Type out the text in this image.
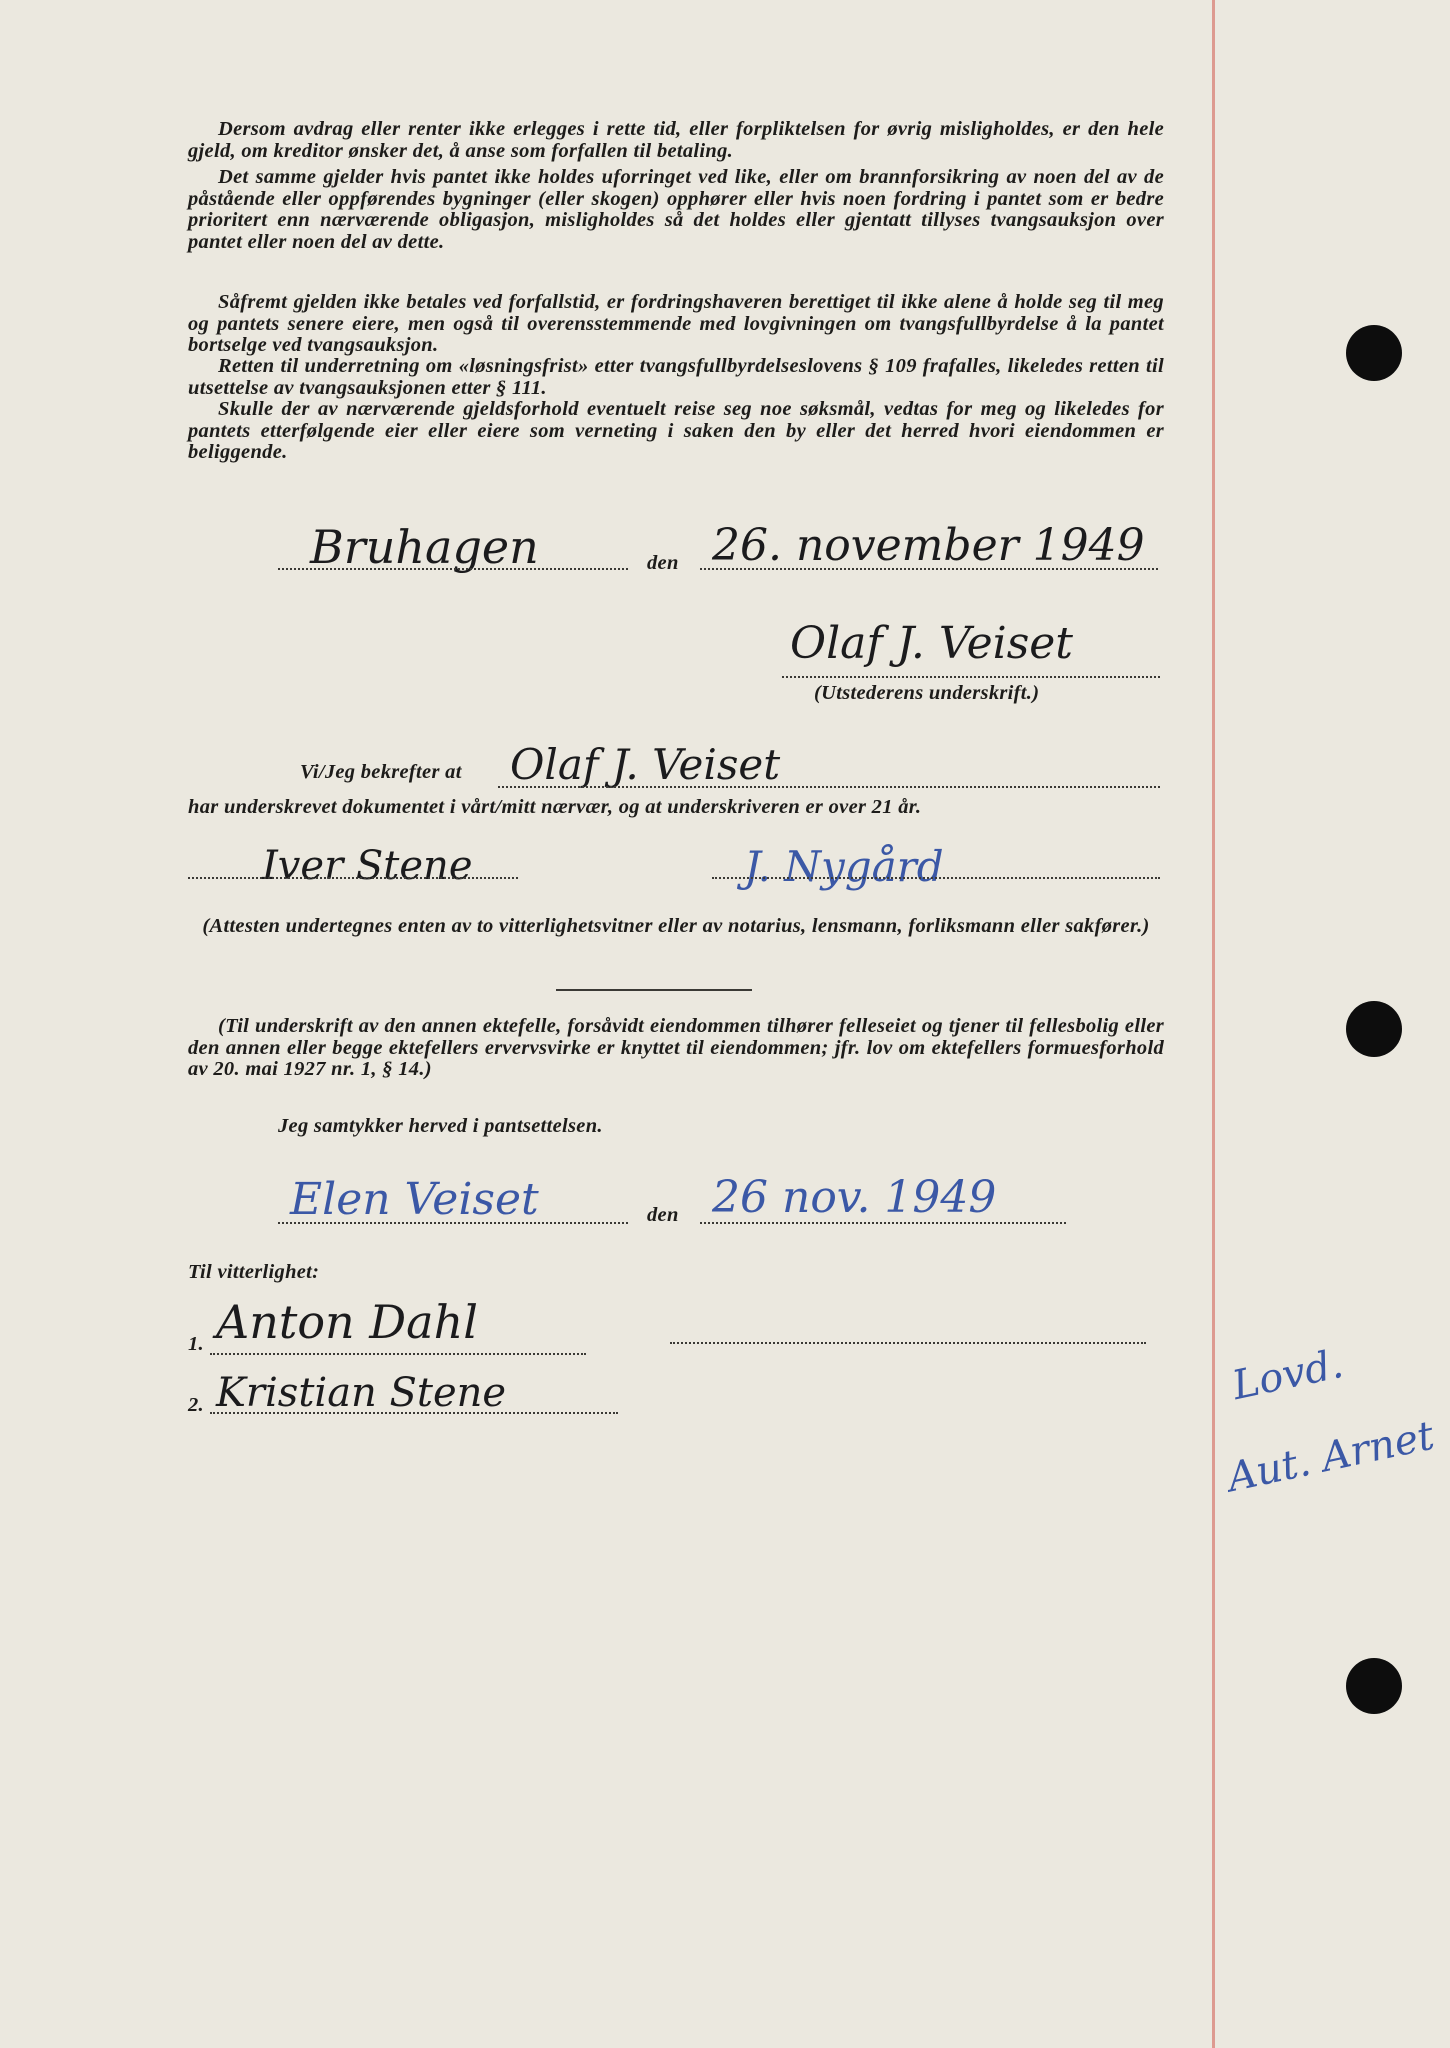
Dersom avdrag eller renter ikke erlegges i rette tid, eller forpliktelsen for øvrig misligholdes, er den hele gjeld, om kreditor ønsker det, å anse som forfallen til betaling.

Det samme gjelder hvis pantet ikke holdes uforringet ved like, eller om brannforsikring av noen del av de påstående eller oppførendes bygninger (eller skogen) opphører eller hvis noen fordring i pantet som er bedre prioritert enn nærværende obligasjon, misligholdes så det holdes eller gjentatt tillyses tvangsauksjon over pantet eller noen del av dette.

Såfremt gjelden ikke betales ved forfallstid, er fordringshaveren berettiget til ikke alene å holde seg til meg og pantets senere eiere, men også til overensstemmende med lovgivningen om tvangsfullbyrdelse å la pantet bortselge ved tvangsauksjon.

Retten til underretning om «løsningsfrist» etter tvangsfullbyrdelseslovens § 109 frafalles, likeledes retten til utsettelse av tvangsauksjonen etter § 111.

Skulle der av nærværende gjeldsforhold eventuelt reise seg noe søksmål, vedtas for meg og likeledes for pantets etterfølgende eier eller eiere som verneting i saken den by eller det herred hvori eiendommen er beliggende.

Bruhagen	den 26. november 1949
Olaf J. Veiset
(Utstederens underskrift.)
Vi/Jeg bekrefter at Olaf J. Veiset
har underskrevet dokumentet i vårt/mitt nærvær, og at underskriveren er over 21 år.
Iver Stene	J. Nygård
(Attesten undertegnes enten av to vitterlighetsvitner eller av notarius, lensmann, forliksmann eller sakfører.)

(Til underskrift av den annen ektefelle, forsåvidt eiendommen tilhører felleseiet og tjener til fellesbolig eller den annen eller begge ektefellers ervervsvirke er knyttet til eiendommen; jfr. lov om ektefellers formuesforhold av 20. mai 1927 nr. 1, § 14.)

Jeg samtykker herved i pantsettelsen.
Elen Veiset	den 26 nov. 1949
Til vitterlighet:
1. Anton Dahl
2. Kristian Stene	Lovd.
Aut. Arnet
